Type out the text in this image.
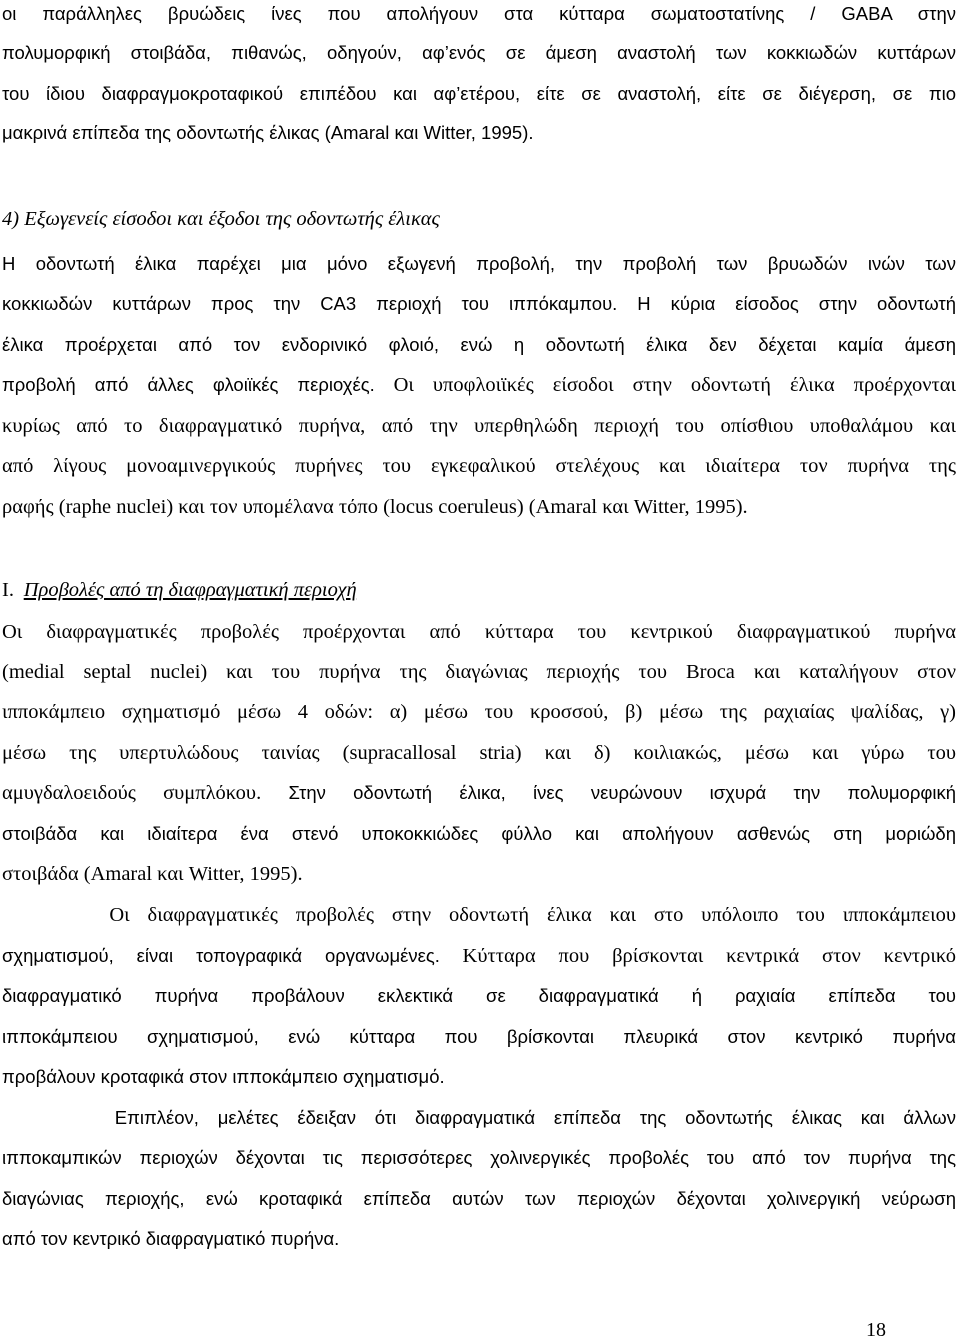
οι παράλληλες βρυώδεις ίνες που απολήγουν στα κύτταρα σωματοστατίνης / GABA στην
πολυμορφική στοιβάδα, πιθανώς, οδηγούν, αφ’ενός σε άμεση αναστολή των κοκκιωδών κυττάρων
του ίδιου διαφραγμοκροταφικού επιπέδου και αφ’ετέρου, είτε σε αναστολή, είτε σε διέγερση, σε πιο
μακρινά επίπεδα της οδοντωτής έλικας (Amaral και Witter, 1995).
4) Εξωγενείς είσοδοι και έξοδοι της οδοντωτής έλικας
Η οδοντωτή έλικα παρέχει μια μόνο εξωγενή προβολή, την προβολή των βρυωδών ινών των
κοκκιωδών κυττάρων προς την CA3 περιοχή του ιππόκαμπου. Η κύρια είσοδος στην οδοντωτή
έλικα προέρχεται από τον ενδορινικό φλοιό, ενώ η οδοντωτή έλικα δεν δέχεται καμία άμεση
προβολή από άλλες φλοιϊκές περιοχές. Οι υποφλοιϊκές είσοδοι στην οδοντωτή έλικα προέρχονται
κυρίως από το διαφραγματικό πυρήνα, από την υπερθηλώδη περιοχή του οπίσθιου υποθαλάμου και
από λίγους μονοαμινεργικούς πυρήνες του εγκεφαλικού στελέχους και ιδιαίτερα τον πυρήνα της
ραφής (raphe nuclei) και τον υπομέλανα τόπο (locus coeruleus) (Amaral και Witter, 1995).
I. Προβολές από τη διαφραγματική περιοχή
Οι διαφραγματικές προβολές προέρχονται από κύτταρα του κεντρικού διαφραγματικού πυρήνα
(medial septal nuclei) και του πυρήνα της διαγώνιας περιοχής του Broca και καταλήγουν στον
ιπποκάμπειο σχηματισμό μέσω 4 οδών: α) μέσω του κροσσού, β) μέσω της ραχιαίας ψαλίδας, γ)
μέσω της υπερτυλώδους ταινίας (supracallosal stria) και δ) κοιλιακώς, μέσω και γύρω του
αμυγδαλοειδούς συμπλόκου. Στην οδοντωτή έλικα, ίνες νευρώνουν ισχυρά την πολυμορφική
στοιβάδα και ιδιαίτερα ένα στενό υποκοκκιώδες φύλλο και απολήγουν ασθενώς στη μοριώδη
στοιβάδα (Amaral και Witter, 1995).
Οι διαφραγματικές προβολές στην οδοντωτή έλικα και στο υπόλοιπο του ιπποκάμπειου
σχηματισμού, είναι τοπογραφικά οργανωμένες. Κύτταρα που βρίσκονται κεντρικά στον κεντρικό
διαφραγματικό πυρήνα προβάλουν εκλεκτικά σε διαφραγματικά ή ραχιαία επίπεδα του
ιπποκάμπειου σχηματισμού, ενώ κύτταρα που βρίσκονται πλευρικά στον κεντρικό πυρήνα
προβάλουν κροταφικά στον ιπποκάμπειο σχηματισμό.
Επιπλέον, μελέτες έδειξαν ότι διαφραγματικά επίπεδα της οδοντωτής έλικας και άλλων
ιπποκαμπικών περιοχών δέχονται τις περισσότερες χολινεργικές προβολές του από τον πυρήνα της
διαγώνιας περιοχής, ενώ κροταφικά επίπεδα αυτών των περιοχών δέχονται χολινεργική νεύρωση
από τον κεντρικό διαφραγματικό πυρήνα.
18
